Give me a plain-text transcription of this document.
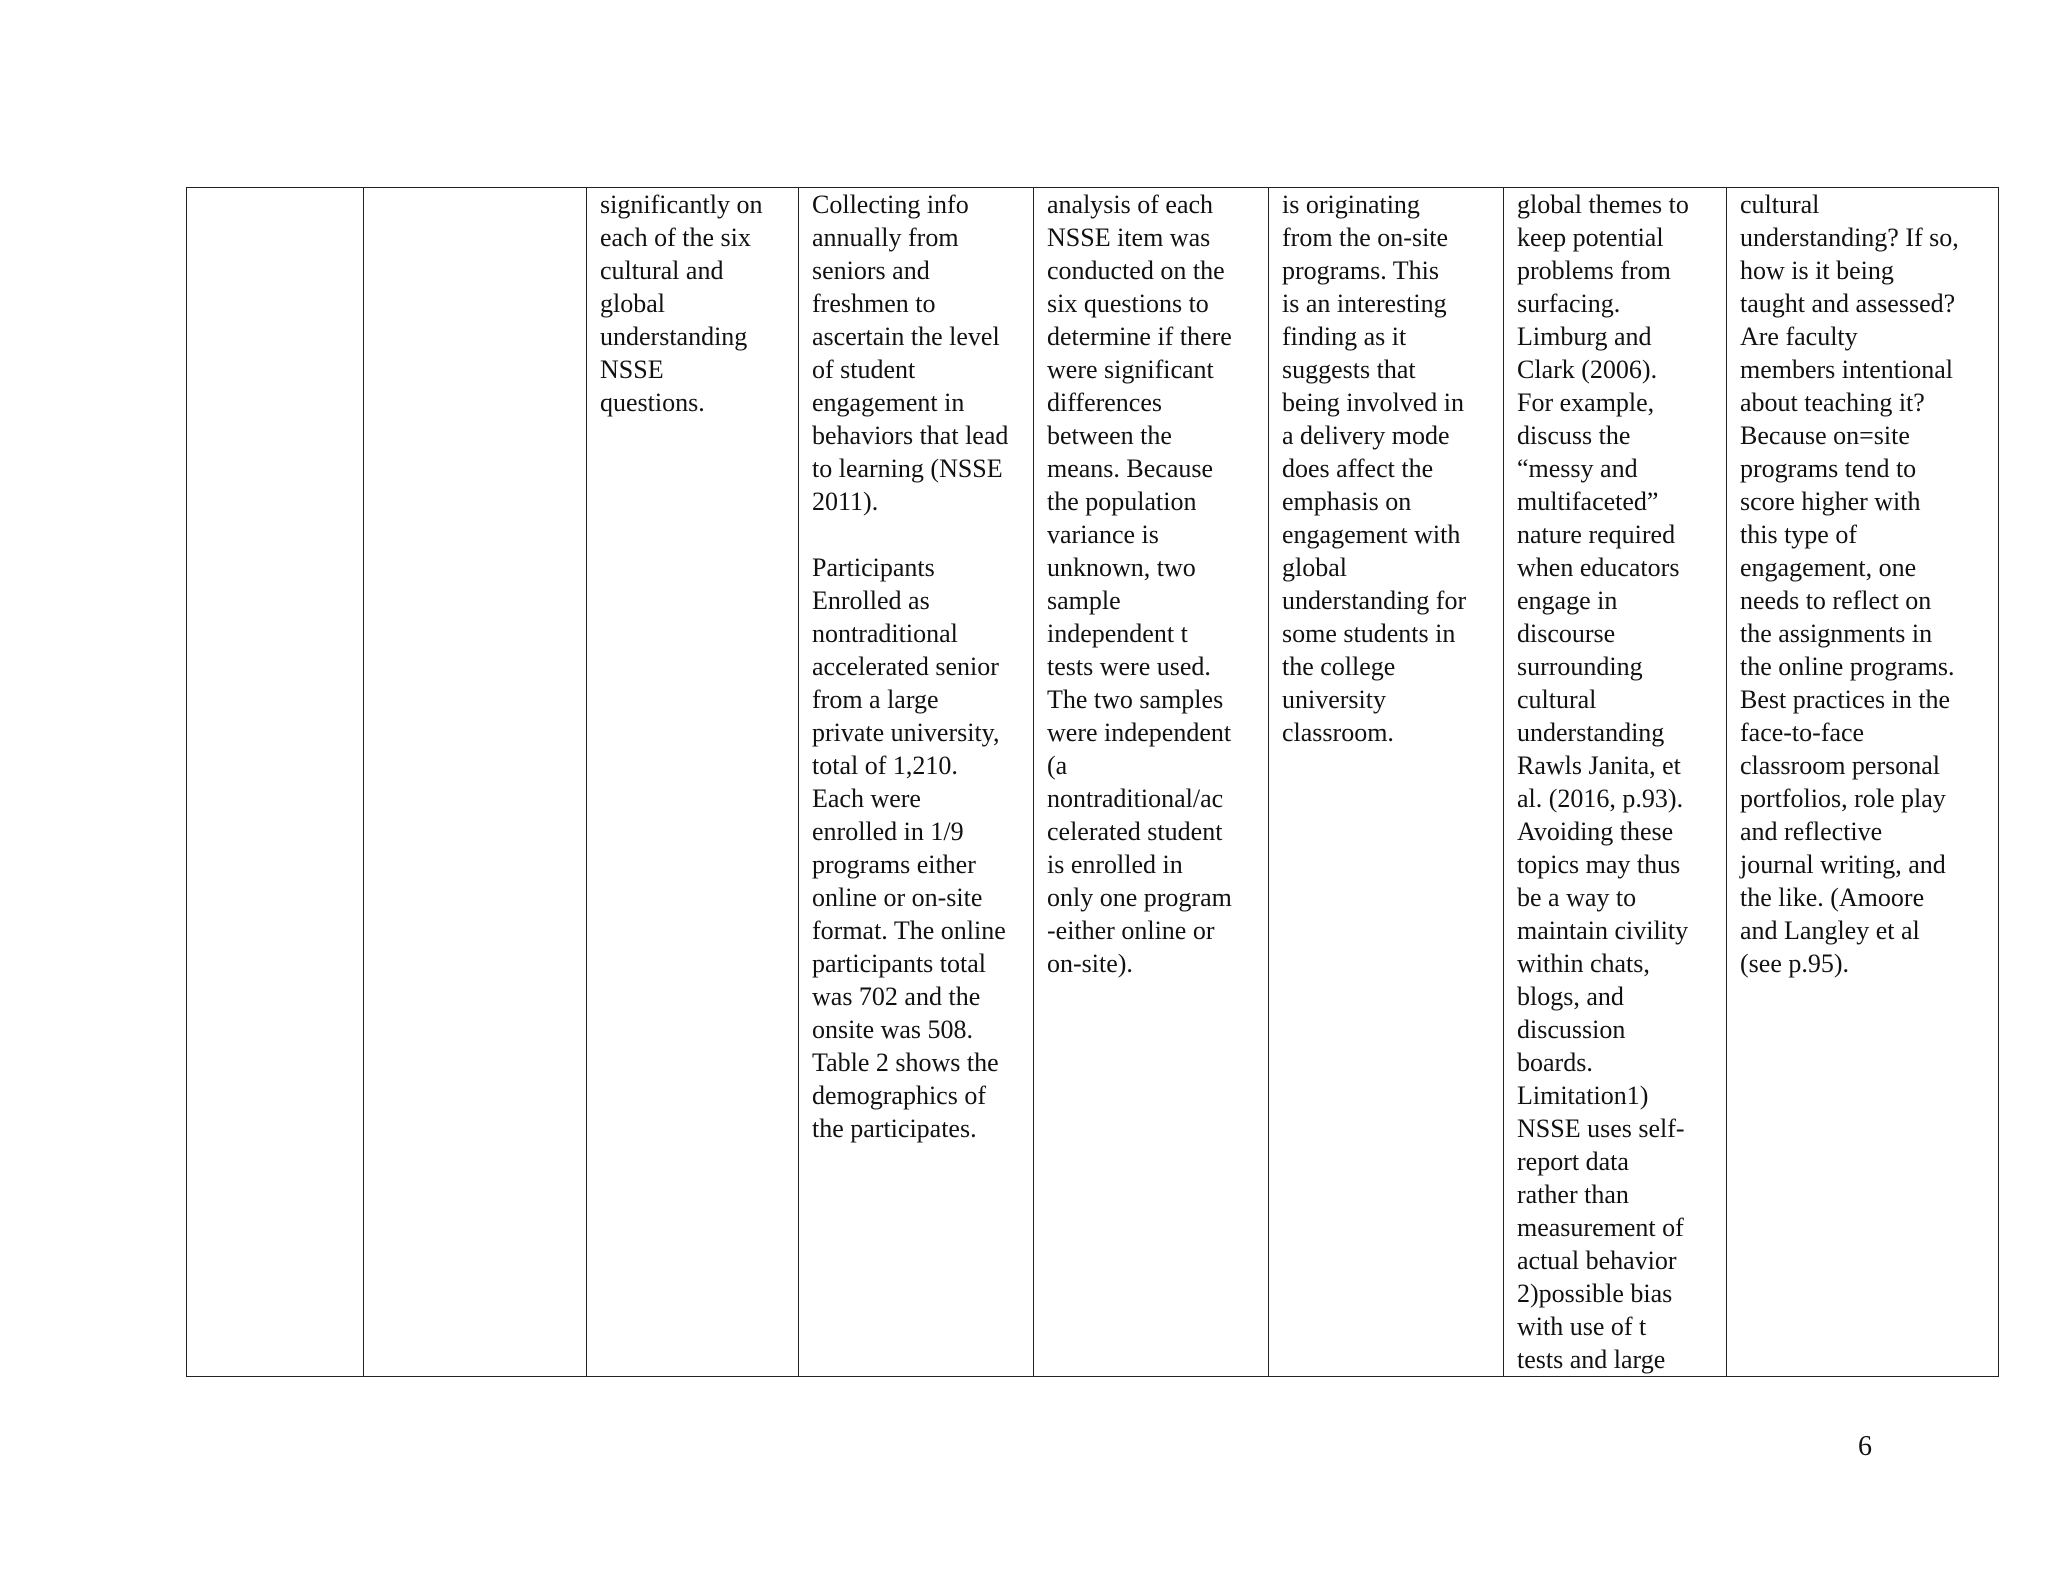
		significantly on
each of the six
cultural and
global
understanding
NSSE
questions.	Collecting info
annually from
seniors and
freshmen to
ascertain the level
of student
engagement in
behaviors that lead
to learning (NSSE
2011).

Participants
Enrolled as
nontraditional
accelerated senior
from a large
private university,
total of 1,210.
Each were
enrolled in 1/9
programs either
online or on-site
format. The online
participants total
was 702 and the
onsite was 508.
Table 2 shows the
demographics of
the participates.	analysis of each
NSSE item was
conducted on the
six questions to
determine if there
were significant
differences
between the
means. Because
the population
variance is
unknown, two
sample
independent t
tests were used.
The two samples
were independent
(a
nontraditional/ac
celerated student
is enrolled in
only one program
-either online or
on-site).	is originating
from the on-site
programs. This
is an interesting
finding as it
suggests that
being involved in
a delivery mode
does affect the
emphasis on
engagement with
global
understanding for
some students in
the college
university
classroom.	global themes to
keep potential
problems from
surfacing.
Limburg and
Clark (2006).
For example,
discuss the
“messy and
multifaceted”
nature required
when educators
engage in
discourse
surrounding
cultural
understanding
Rawls Janita, et
al. (2016, p.93).
Avoiding these
topics may thus
be a way to
maintain civility
within chats,
blogs, and
discussion
boards.
Limitation1)
NSSE uses self-
report data
rather than
measurement of
actual behavior
2)possible bias
with use of t
tests and large	cultural
understanding? If so,
how is it being
taught and assessed?
Are faculty
members intentional
about teaching it?
Because on=site
programs tend to
score higher with
this type of
engagement, one
needs to reflect on
the assignments in
the online programs.
Best practices in the
face-to-face
classroom personal
portfolios, role play
and reflective
journal writing, and
the like. (Amoore
and Langley et al
(see p.95).
6
